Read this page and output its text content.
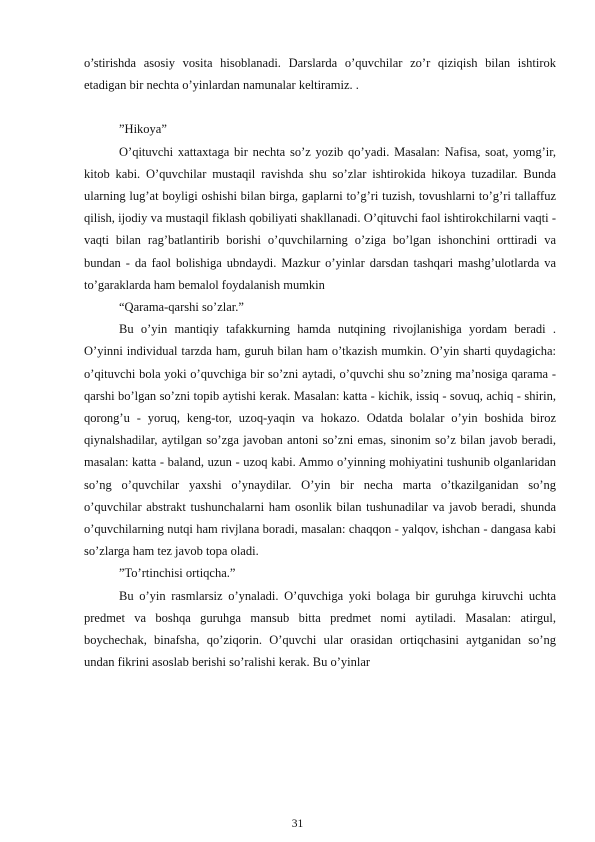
o’stirishda asosiy vosita hisoblanadi. Darslarda o’quvchilar zo’r qiziqish bilan ishtirok etadigan bir nechta o’yinlardan namunalar keltiramiz. .

”Hikoya”

O’qituvchi xattaxtaga bir nechta so’z yozib qo’yadi. Masalan: Nafisa, soat, yomg’ir, kitob kabi. O’quvchilar mustaqil ravishda shu so’zlar ishtirokida hikoya tuzadilar. Bunda ularning lug’at boyligi oshishi bilan birga, gaplarni to’g’ri tuzish, tovushlarni to’g’ri tallaffuz qilish, ijodiy va mustaqil fiklash qobiliyati shakllanadi. O’qituvchi faol ishtirokchilarni vaqti - vaqti bilan rag’batlantirib borishi o’quvchilarning o’ziga bo’lgan ishonchini orttiradi va bundan - da faol bolishiga ubndaydi. Mazkur o’yinlar darsdan tashqari mashg’ulotlarda va to’garaklarda ham bemalol foydalanish mumkin

“Qarama-qarshi so’zlar.”

Bu o’yin mantiqiy tafakkurning hamda nutqining rivojlanishiga yordam beradi . O’yinni individual tarzda ham, guruh bilan ham o’tkazish mumkin. O’yin sharti quydagicha: o’qituvchi bola yoki o’quvchiga bir so’zni aytadi, o’quvchi shu so’zning ma’nosiga qarama - qarshi bo’lgan so’zni topib aytishi kerak. Masalan: katta - kichik, issiq - sovuq, achiq - shirin, qorong’u - yoruq, keng-tor, uzoq-yaqin va hokazo. Odatda bolalar o’yin boshida biroz qiynalshadilar, aytilgan so’zga javoban antoni so’zni emas, sinonim so’z bilan javob beradi, masalan: katta - baland, uzun - uzoq kabi. Ammo o’yinning mohiyatini tushunib olganlaridan so’ng o’quvchilar yaxshi o’ynaydilar. O’yin bir necha marta o’tkazilganidan so’ng o’quvchilar abstrakt tushunchalarni ham osonlik bilan tushunadilar va javob beradi, shunda o’quvchilarning nutqi ham rivjlana boradi, masalan: chaqqon - yalqov, ishchan - dangasa kabi so’zlarga ham tez javob topa oladi.

”To’rtinchisi ortiqcha.”

Bu o’yin rasmlarsiz o’ynaladi. O’quvchiga yoki bolaga bir guruhga kiruvchi uchta predmet va boshqa guruhga mansub bitta predmet nomi aytiladi. Masalan: atirgul, boychechak, binafsha, qo’ziqorin. O’quvchi ular orasidan ortiqchasini aytganidan so’ng undan fikrini asoslab berishi so’ralishi kerak. Bu o’yinlar

31
